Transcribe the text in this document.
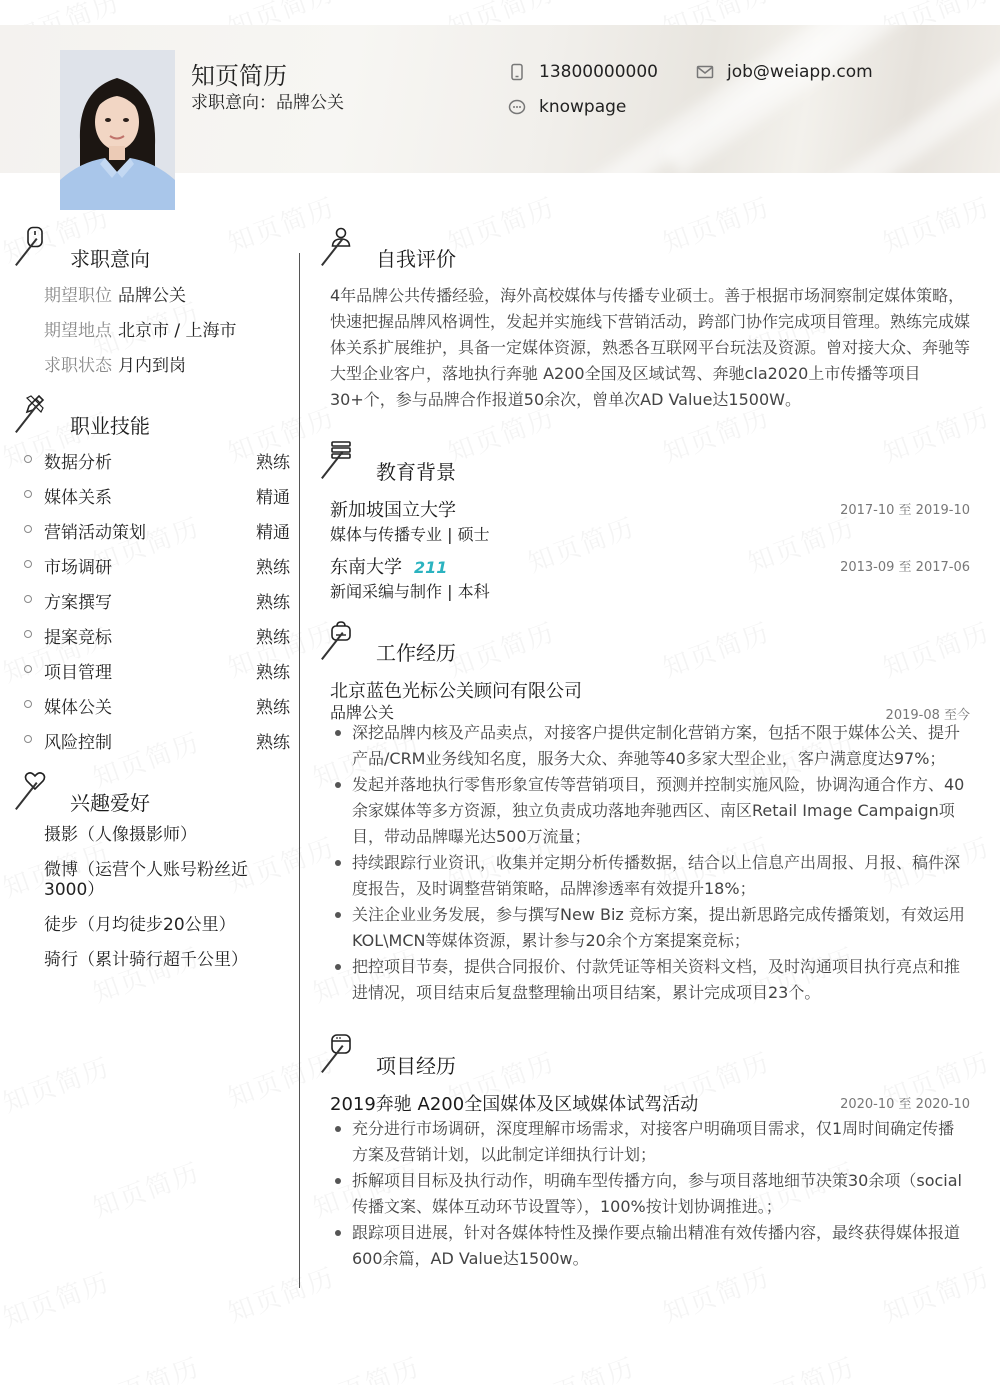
知页简历
求职意向：品牌公关
13800000000	job@weiapp.com
knowpage
求职意向
期望职位 品牌公关
期望地点 北京市 / 上海市
求职状态 月内到岗
职业技能
数据分析	熟练
媒体关系	精通
营销活动策划	精通
市场调研	熟练
方案撰写	熟练
提案竞标	熟练
项目管理	熟练
媒体公关	熟练
风险控制	熟练
兴趣爱好
摄影（人像摄影师）
微博（运营个人账号粉丝近3000）
徒步（月均徒步20公里）
骑行（累计骑行超千公里）
自我评价
4年品牌公共传播经验，海外高校媒体与传播专业硕士。善于根据市场洞察制定媒体策略，快速把握品牌风格调性，发起并实施线下营销活动，跨部门协作完成项目管理。熟练完成媒体关系扩展维护，具备一定媒体资源，熟悉各互联网平台玩法及资源。曾对接大众、奔驰等大型企业客户，落地执行奔驰 A200全国及区域试驾、奔驰cla2020上市传播等项目30+个，参与品牌合作报道50余次，曾单次AD Value达1500W。
教育背景
新加坡国立大学	2017-10 至 2019-10
媒体与传播专业 | 硕士
东南大学 211	2013-09 至 2017-06
新闻采编与制作 | 本科
工作经历
北京蓝色光标公关顾问有限公司
品牌公关	2019-08 至今
深挖品牌内核及产品卖点，对接客户提供定制化营销方案，包括不限于媒体公关、提升产品/CRM业务线知名度，服务大众、奔驰等40多家大型企业，客户满意度达97%；
发起并落地执行零售形象宣传等营销项目，预测并控制实施风险，协调沟通合作方、40余家媒体等多方资源，独立负责成功落地奔驰西区、南区Retail Image Campaign项目，带动品牌曝光达500万流量；
持续跟踪行业资讯，收集并定期分析传播数据，结合以上信息产出周报、月报、稿件深度报告，及时调整营销策略，品牌渗透率有效提升18%；
关注企业业务发展，参与撰写New Biz 竞标方案，提出新思路完成传播策划，有效运用KOL\MCN等媒体资源，累计参与20余个方案提案竞标；
把控项目节奏，提供合同报价、付款凭证等相关资料文档，及时沟通项目执行亮点和推进情况，项目结束后复盘整理输出项目结案，累计完成项目23个。
项目经历
2019奔驰 A200全国媒体及区域媒体试驾活动	2020-10 至 2020-10
充分进行市场调研，深度理解市场需求，对接客户明确项目需求，仅1周时间确定传播方案及营销计划，以此制定详细执行计划；
拆解项目目标及执行动作，明确车型传播方向，参与项目落地细节决策30余项（social传播文案、媒体互动环节设置等），100%按计划协调推进。；
跟踪项目进展，针对各媒体特性及操作要点输出精准有效传播内容，最终获得媒体报道600余篇，AD Value达1500w。
